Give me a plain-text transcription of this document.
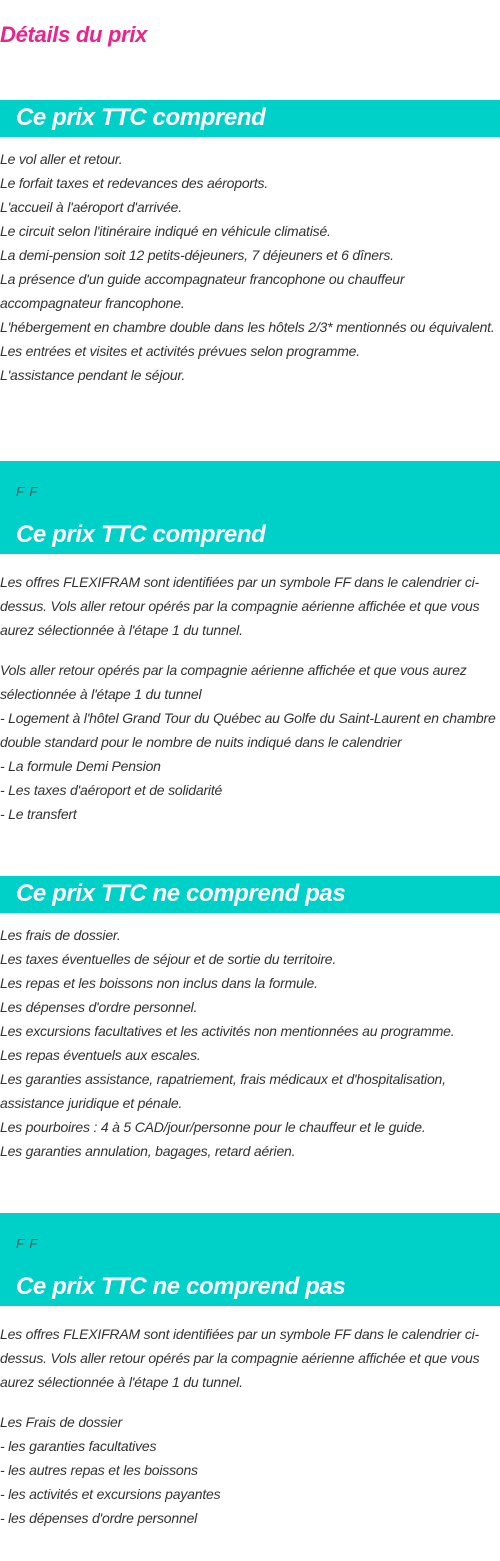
Détails du prix
Ce prix TTC comprend
Le vol aller et retour.
Le forfait taxes et redevances des aéroports.
L'accueil à l'aéroport d'arrivée.
Le circuit selon l'itinéraire indiqué en véhicule climatisé.
La demi-pension soit 12 petits-déjeuners, 7 déjeuners et 6 dîners.
La présence d'un guide accompagnateur francophone ou chauffeur accompagnateur francophone.
L'hébergement en chambre double dans les hôtels 2/3* mentionnés ou équivalent.
Les entrées et visites et activités prévues selon programme.
L'assistance pendant le séjour.
F F
Ce prix TTC comprend

Les offres FLEXIFRAM sont identifiées par un symbole FF dans le calendrier ci-dessus. Vols aller retour opérés par la compagnie aérienne affichée et que vous aurez sélectionnée à l'étape 1 du tunnel.

Vols aller retour opérés par la compagnie aérienne affichée et que vous aurez sélectionnée à l'étape 1 du tunnel
- Logement à l'hôtel Grand Tour du Québec au Golfe du Saint-Laurent en chambre double standard pour le nombre de nuits indiqué dans le calendrier
- La formule Demi Pension
- Les taxes d'aéroport et de solidarité
- Le transfert
Ce prix TTC ne comprend pas
Les frais de dossier.
Les taxes éventuelles de séjour et de sortie du territoire.
Les repas et les boissons non inclus dans la formule.
Les dépenses d'ordre personnel.
Les excursions facultatives et les activités non mentionnées au programme.
Les repas éventuels aux escales.
Les garanties assistance, rapatriement, frais médicaux et d'hospitalisation, assistance juridique et pénale.
Les pourboires : 4 à 5 CAD/jour/personne pour le chauffeur et le guide.
Les garanties annulation, bagages, retard aérien.
F F
Ce prix TTC ne comprend pas

Les offres FLEXIFRAM sont identifiées par un symbole FF dans le calendrier ci-dessus. Vols aller retour opérés par la compagnie aérienne affichée et que vous aurez sélectionnée à l'étape 1 du tunnel.

Les Frais de dossier
- les garanties facultatives
- les autres repas et les boissons
- les activités et excursions payantes
- les dépenses d'ordre personnel
